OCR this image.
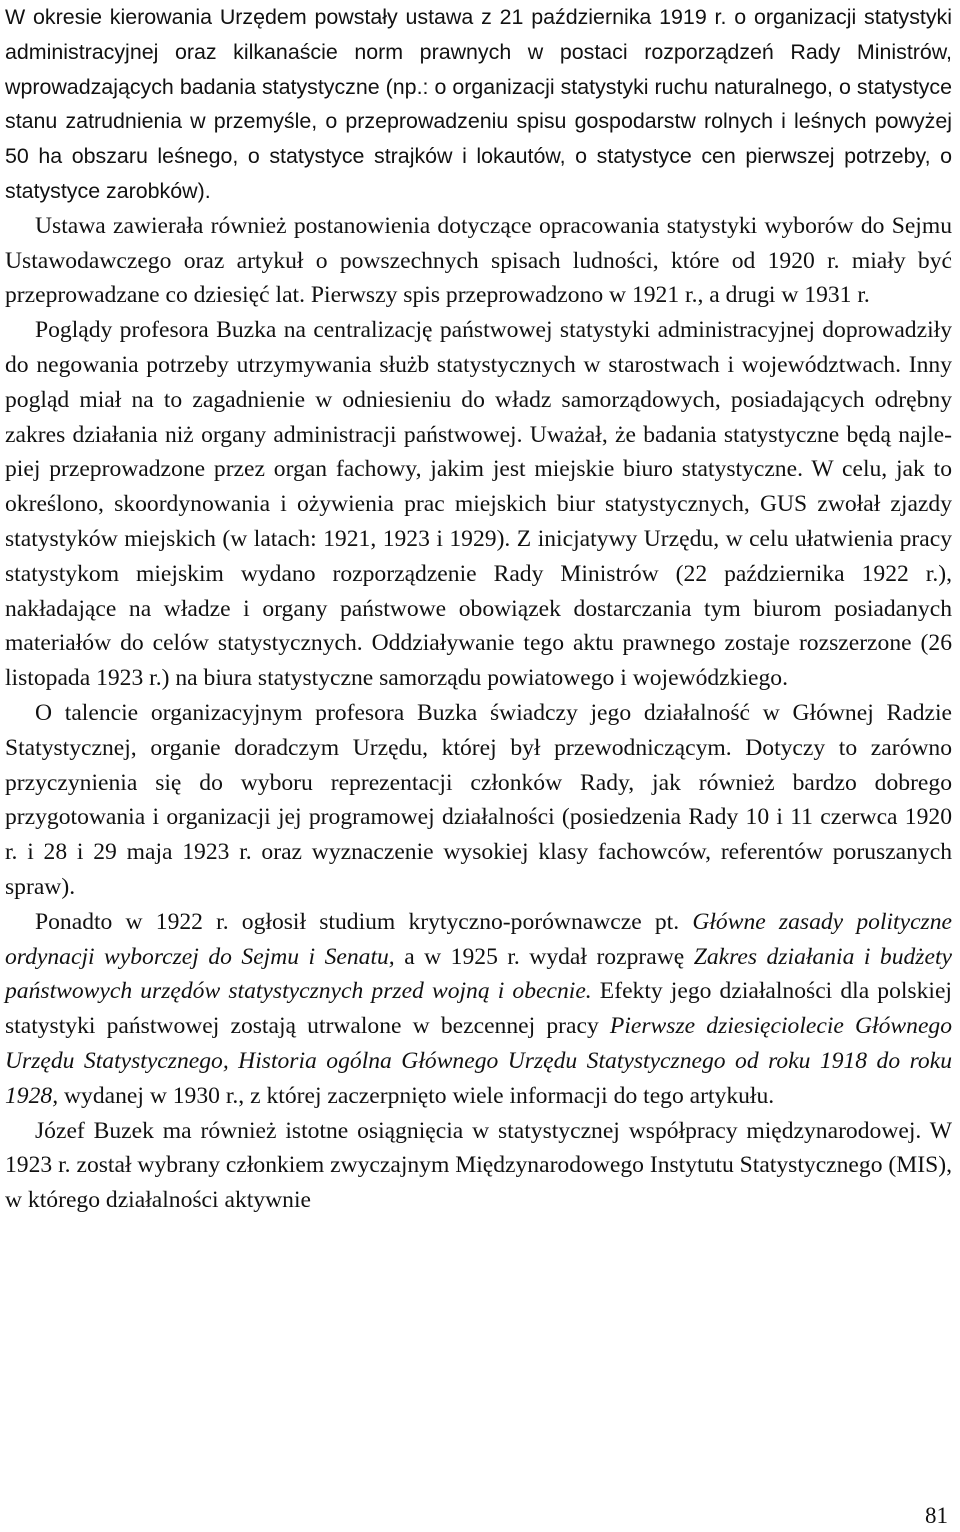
W okresie kierowania Urzędem powstały ustawa z 21 października 1919 r. o organizacji statystyki administracyjnej oraz kilkanaście norm prawnych w postaci rozporządzeń Rady Ministrów, wprowadzających badania statystyczne (np.: o organizacji statystyki ruchu naturalnego, o statystyce stanu zatrudnienia w przemyśle, o przeprowadzeniu spisu gospodarstw rolnych i leśnych powyżej 50 ha obszaru leśnego, o statystyce strajków i lokautów, o statystyce cen pierwszej potrzeby, o statystyce zarobków).

Ustawa zawierała również postanowienia dotyczące opracowania statystyki wyborów do Sejmu Ustawodawczego oraz artykuł o powszechnych spisach ludności, które od 1920 r. miały być przeprowadzane co dziesięć lat. Pierwszy spis przeprowadzono w 1921 r., a drugi w 1931 r.

Poglądy profesora Buzka na centralizację państwowej statystyki administracyjnej doprowadziły do negowania potrzeby utrzymywania służb statystycznych w starostwach i województwach. Inny pogląd miał na to zagadnienie w odniesieniu do władz samorządowych, posiadających odrębny zakres działania niż organy administracji państwowej. Uważał, że badania statystyczne będą najlepiej przeprowadzone przez organ fachowy, jakim jest miejskie biuro statystyczne. W celu, jak to określono, skoordynowania i ożywienia prac miejskich biur statystycznych, GUS zwołał zjazdy statystyków miejskich (w latach: 1921, 1923 i 1929). Z inicjatywy Urzędu, w celu ułatwienia pracy statystykom miejskim wydano rozporządzenie Rady Ministrów (22 października 1922 r.), nakładające na władze i organy państwowe obowiązek dostarczania tym biurom posiadanych materiałów do celów statystycznych. Oddziaływanie tego aktu prawnego zostaje rozszerzone (26 listopada 1923 r.) na biura statystyczne samorządu powiatowego i wojewódzkiego.

O talencie organizacyjnym profesora Buzka świadczy jego działalność w Głównej Radzie Statystycznej, organie doradczym Urzędu, której był przewodniczącym. Dotyczy to zarówno przyczynienia się do wyboru reprezentacji członków Rady, jak również bardzo dobrego przygotowania i organizacji jej programowej działalności (posiedzenia Rady 10 i 11 czerwca 1920 r. i 28 i 29 maja 1923 r. oraz wyznaczenie wysokiej klasy fachowców, referentów poruszanych spraw).

Ponadto w 1922 r. ogłosił studium krytyczno-porównawcze pt. Główne zasady polityczne ordynacji wyborczej do Sejmu i Senatu, a w 1925 r. wydał rozprawę Zakres działania i budżety państwowych urzędów statystycznych przed wojną i obecnie. Efekty jego działalności dla polskiej statystyki państwowej zostają utrwalone w bezcennej pracy Pierwsze dziesięciolecie Głównego Urzędu Statystycznego, Historia ogólna Głównego Urzędu Statystycznego od roku 1918 do roku 1928, wydanej w 1930 r., z której zaczerpnięto wiele informacji do tego artykułu.

Józef Buzek ma również istotne osiągnięcia w statystycznej współpracy międzynarodowej. W 1923 r. został wybrany członkiem zwyczajnym Międzynarodowego Instytutu Statystycznego (MIS), w którego działalności aktywnie

81
